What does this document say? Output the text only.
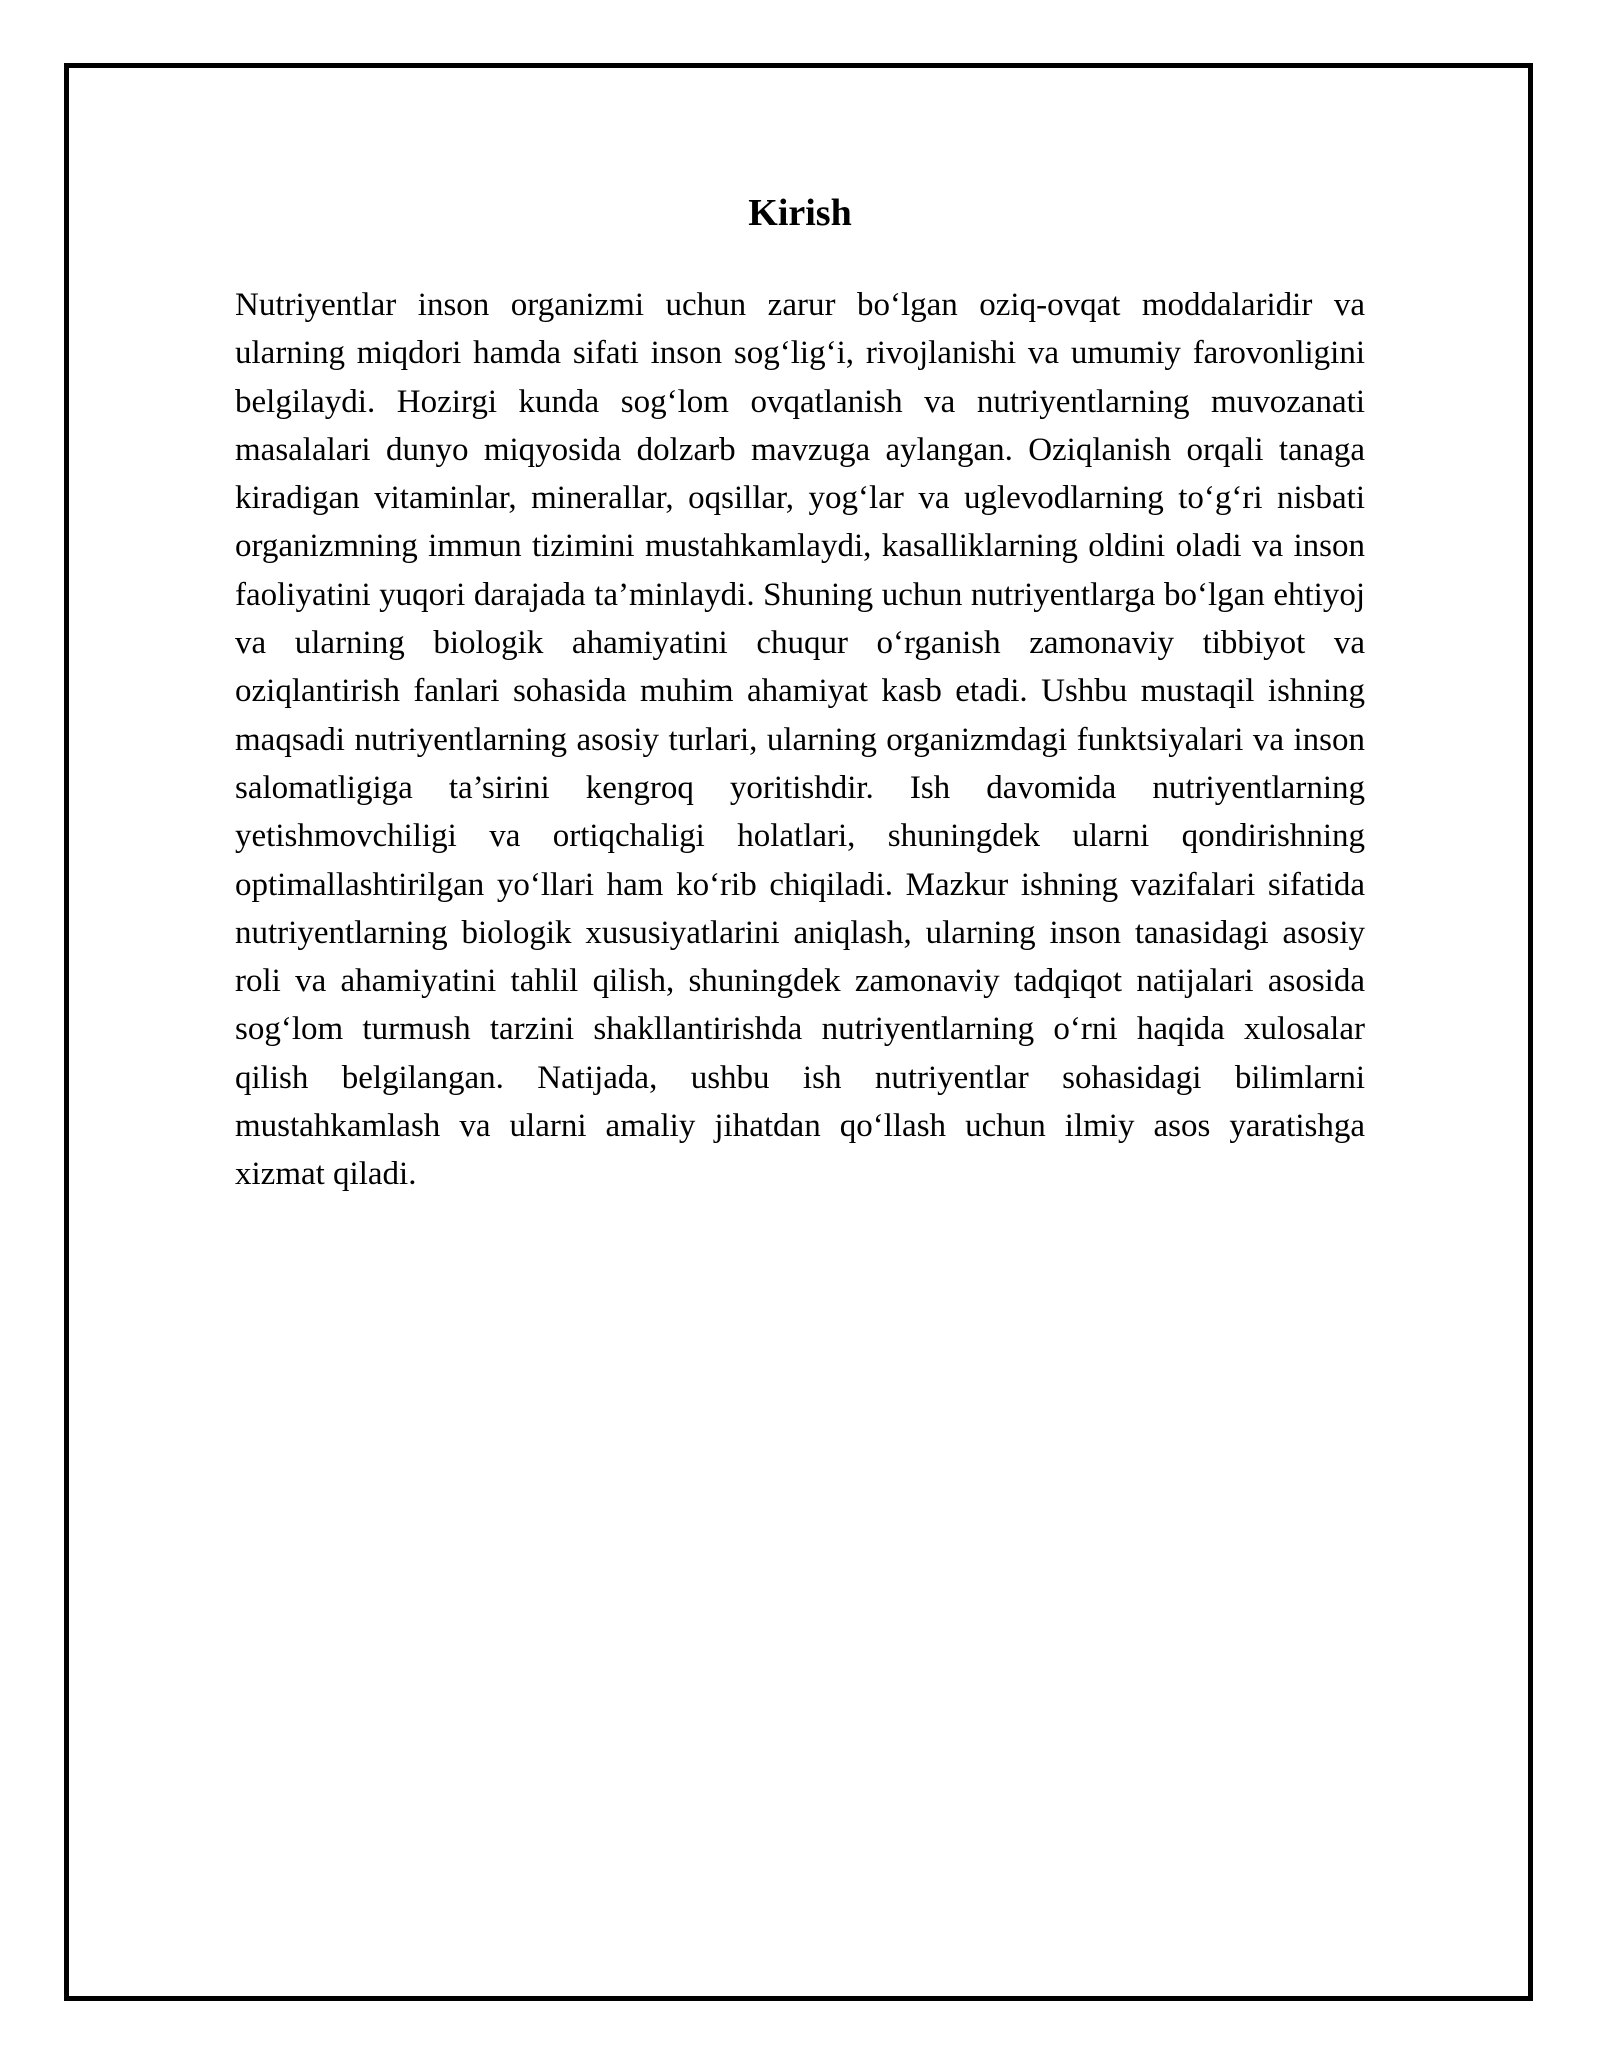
Kirish

Nutriyentlar inson organizmi uchun zarur bo‘lgan oziq-ovqat moddalaridir va ularning miqdori hamda sifati inson sog‘lig‘i, rivojlanishi va umumiy farovonligini belgilaydi. Hozirgi kunda sog‘lom ovqatlanish va nutriyentlarning muvozanati masalalari dunyo miqyosida dolzarb mavzuga aylangan. Oziqlanish orqali tanaga kiradigan vitaminlar, minerallar, oqsillar, yog‘lar va uglevodlarning to‘g‘ri nisbati organizmning immun tizimini mustahkamlaydi, kasalliklarning oldini oladi va inson faoliyatini yuqori darajada ta’minlaydi. Shuning uchun nutriyentlarga bo‘lgan ehtiyoj va ularning biologik ahamiyatini chuqur o‘rganish zamonaviy tibbiyot va oziqlantirish fanlari sohasida muhim ahamiyat kasb etadi. Ushbu mustaqil ishning maqsadi nutriyentlarning asosiy turlari, ularning organizmdagi funktsiyalari va inson salomatligiga ta’sirini kengroq yoritishdir. Ish davomida nutriyentlarning yetishmovchiligi va ortiqchaligi holatlari, shuningdek ularni qondirishning optimallashtirilgan yo‘llari ham ko‘rib chiqiladi. Mazkur ishning vazifalari sifatida nutriyentlarning biologik xususiyatlarini aniqlash, ularning inson tanasidagi asosiy roli va ahamiyatini tahlil qilish, shuningdek zamonaviy tadqiqot natijalari asosida sog‘lom turmush tarzini shakllantirishda nutriyentlarning o‘rni haqida xulosalar qilish belgilangan. Natijada, ushbu ish nutriyentlar sohasidagi bilimlarni mustahkamlash va ularni amaliy jihatdan qo‘llash uchun ilmiy asos yaratishga xizmat qiladi.
